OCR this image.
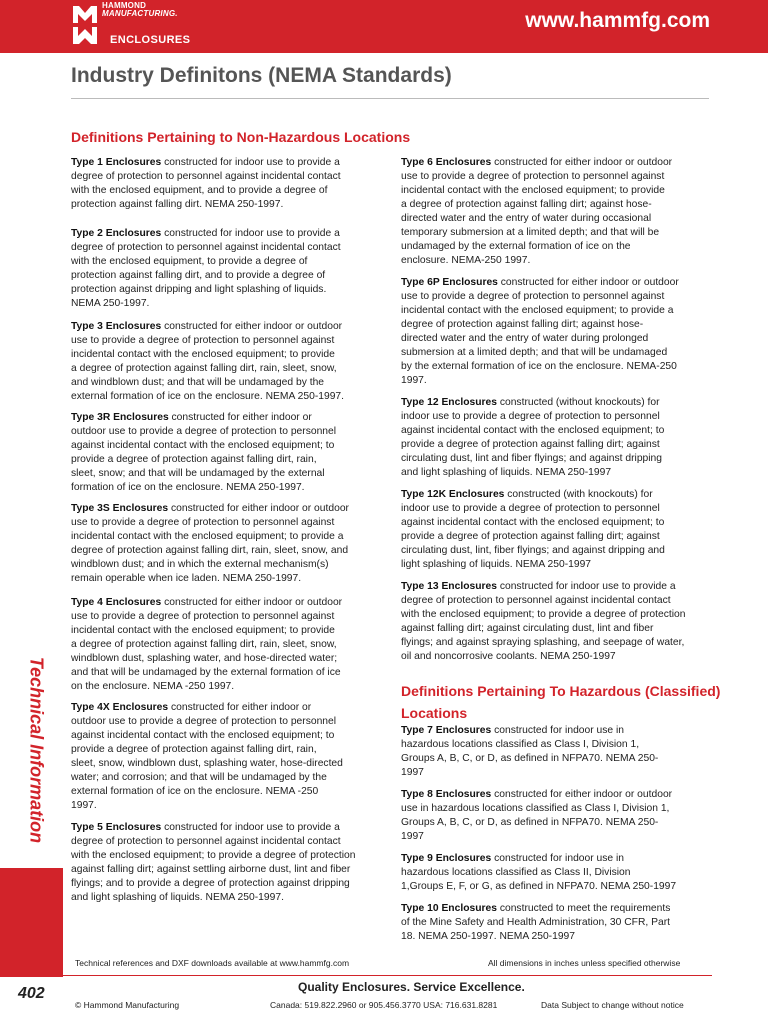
HAMMOND
MANUFACTURING.
ENCLOSURES
www.hammfg.com
Industry Definitons (NEMA Standards)
Definitions Pertaining to Non-Hazardous Locations

Type 1 Enclosures constructed for indoor use to provide a
degree of protection to personnel against incidental contact
with the enclosed equipment, and to provide a degree of
protection against falling dirt. NEMA 250-1997.

Type 2 Enclosures constructed for indoor use to provide a
degree of protection to personnel against incidental contact
with the enclosed equipment, to provide a degree of
protection against falling dirt, and to provide a degree of
protection against dripping and light splashing of liquids.
NEMA 250-1997.

Type 3 Enclosures constructed for either indoor or outdoor
use to provide a degree of protection to personnel against
incidental contact with the enclosed equipment; to provide
a degree of protection against falling dirt, rain, sleet, snow,
and windblown dust; and that will be undamaged by the
external formation of ice on the enclosure. NEMA 250-1997.

Type 3R Enclosures constructed for either indoor or
outdoor use to provide a degree of protection to personnel
against incidental contact with the enclosed equipment; to
provide a degree of protection against falling dirt, rain,
sleet, snow; and that will be undamaged by the external
formation of ice on the enclosure. NEMA 250-1997.

Type 3S Enclosures constructed for either indoor or outdoor
use to provide a degree of protection to personnel against
incidental contact with the enclosed equipment; to provide a
degree of protection against falling dirt, rain, sleet, snow, and
windblown dust; and in which the external mechanism(s)
remain operable when ice laden. NEMA 250-1997.

Type 4 Enclosures constructed for either indoor or outdoor
use to provide a degree of protection to personnel against
incidental contact with the enclosed equipment; to provide
a degree of protection against falling dirt, rain, sleet, snow,
windblown dust, splashing water, and hose-directed water;
and that will be undamaged by the external formation of ice
on the enclosure. NEMA -250 1997.

Type 4X Enclosures constructed for either indoor or
outdoor use to provide a degree of protection to personnel
against incidental contact with the enclosed equipment; to
provide a degree of protection against falling dirt, rain,
sleet, snow, windblown dust, splashing water, hose-directed
water; and corrosion; and that will be undamaged by the
external formation of ice on the enclosure. NEMA -250
1997.

Type 5 Enclosures constructed for indoor use to provide a
degree of protection to personnel against incidental contact
with the enclosed equipment; to provide a degree of protection
against falling dirt; against settling airborne dust, lint and fiber
flyings; and to provide a degree of protection against dripping
and light splashing of liquids. NEMA 250-1997.

Type 6 Enclosures constructed for either indoor or outdoor
use to provide a degree of protection to personnel against
incidental contact with the enclosed equipment; to provide
a degree of protection against falling dirt; against hose-
directed water and the entry of water during occasional
temporary submersion at a limited depth; and that will be
undamaged by the external formation of ice on the
enclosure. NEMA-250 1997.

Type 6P Enclosures constructed for either indoor or outdoor
use to provide a degree of protection to personnel against
incidental contact with the enclosed equipment; to provide a
degree of protection against falling dirt; against hose-
directed water and the entry of water during prolonged
submersion at a limited depth; and that will be undamaged
by the external formation of ice on the enclosure. NEMA-250
1997.

Type 12 Enclosures constructed (without knockouts) for
indoor use to provide a degree of protection to personnel
against incidental contact with the enclosed equipment; to
provide a degree of protection against falling dirt; against
circulating dust, lint and fiber flyings; and against dripping
and light splashing of liquids. NEMA 250-1997

Type 12K Enclosures constructed (with knockouts) for
indoor use to provide a degree of protection to personnel
against incidental contact with the enclosed equipment; to
provide a degree of protection against falling dirt; against
circulating dust, lint, fiber flyings; and against dripping and
light splashing of liquids. NEMA 250-1997

Type 13 Enclosures constructed for indoor use to provide a
degree of protection to personnel against incidental contact
with the enclosed equipment; to provide a degree of protection
against falling dirt; against circulating dust, lint and fiber
flyings; and against spraying splashing, and seepage of water,
oil and noncorrosive coolants. NEMA 250-1997

Definitions Pertaining To Hazardous (Classified)
Locations

Type 7 Enclosures constructed for indoor use in
hazardous locations classified as Class I, Division 1,
Groups A, B, C, or D, as defined in NFPA70. NEMA 250-
1997

Type 8 Enclosures constructed for either indoor or outdoor
use in hazardous locations classified as Class I, Division 1,
Groups A, B, C, or D, as defined in NFPA70. NEMA 250-
1997

Type 9 Enclosures constructed for indoor use in
hazardous locations classified as Class II, Division
1,Groups E, F, or G, as defined in NFPA70. NEMA 250-1997

Type 10 Enclosures constructed to meet the requirements
of the Mine Safety and Health Administration, 30 CFR, Part
18. NEMA 250-1997. NEMA 250-1997

Technical Information
Technical references and DXF downloads available at www.hammfg.com	All dimensions in inches unless specified otherwise
402	Quality Enclosures. Service Excellence.
© Hammond Manufacturing	Canada: 519.822.2960 or 905.456.3770 USA: 716.631.8281	Data Subject to change without notice
